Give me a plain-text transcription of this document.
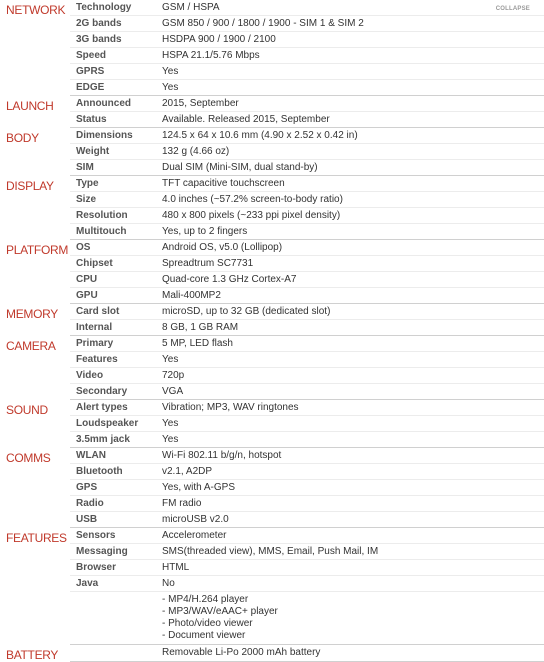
COLLAPSE
NETWORK	Technology	GSM / HSPA
	2G bands	GSM 850 / 900 / 1800 / 1900 - SIM 1 & SIM 2
	3G bands	HSDPA 900 / 1900 / 2100
	Speed	HSPA 21.1/5.76 Mbps
	GPRS	Yes
	EDGE	Yes
LAUNCH	Announced	2015, September
	Status	Available. Released 2015, September
BODY	Dimensions	124.5 x 64 x 10.6 mm (4.90 x 2.52 x 0.42 in)
	Weight	132 g (4.66 oz)
	SIM	Dual SIM (Mini-SIM, dual stand-by)
DISPLAY	Type	TFT capacitive touchscreen
	Size	4.0 inches (~57.2% screen-to-body ratio)
	Resolution	480 x 800 pixels (~233 ppi pixel density)
	Multitouch	Yes, up to 2 fingers
PLATFORM	OS	Android OS, v5.0 (Lollipop)
	Chipset	Spreadtrum SC7731
	CPU	Quad-core 1.3 GHz Cortex-A7
	GPU	Mali-400MP2
MEMORY	Card slot	microSD, up to 32 GB (dedicated slot)
	Internal	8 GB, 1 GB RAM
CAMERA	Primary	5 MP, LED flash
	Features	Yes
	Video	720p
	Secondary	VGA
SOUND	Alert types	Vibration; MP3, WAV ringtones
	Loudspeaker	Yes
	3.5mm jack	Yes
COMMS	WLAN	Wi-Fi 802.11 b/g/n, hotspot
	Bluetooth	v2.1, A2DP
	GPS	Yes, with A-GPS
	Radio	FM radio
	USB	microUSB v2.0
FEATURES	Sensors	Accelerometer
	Messaging	SMS(threaded view), MMS, Email, Push Mail, IM
	Browser	HTML
	Java	No

		- MP4/H.264 player
- MP3/WAV/eAAC+ player
- Photo/video viewer
- Document viewer

BATTERY		Removable Li-Po 2000 mAh battery
